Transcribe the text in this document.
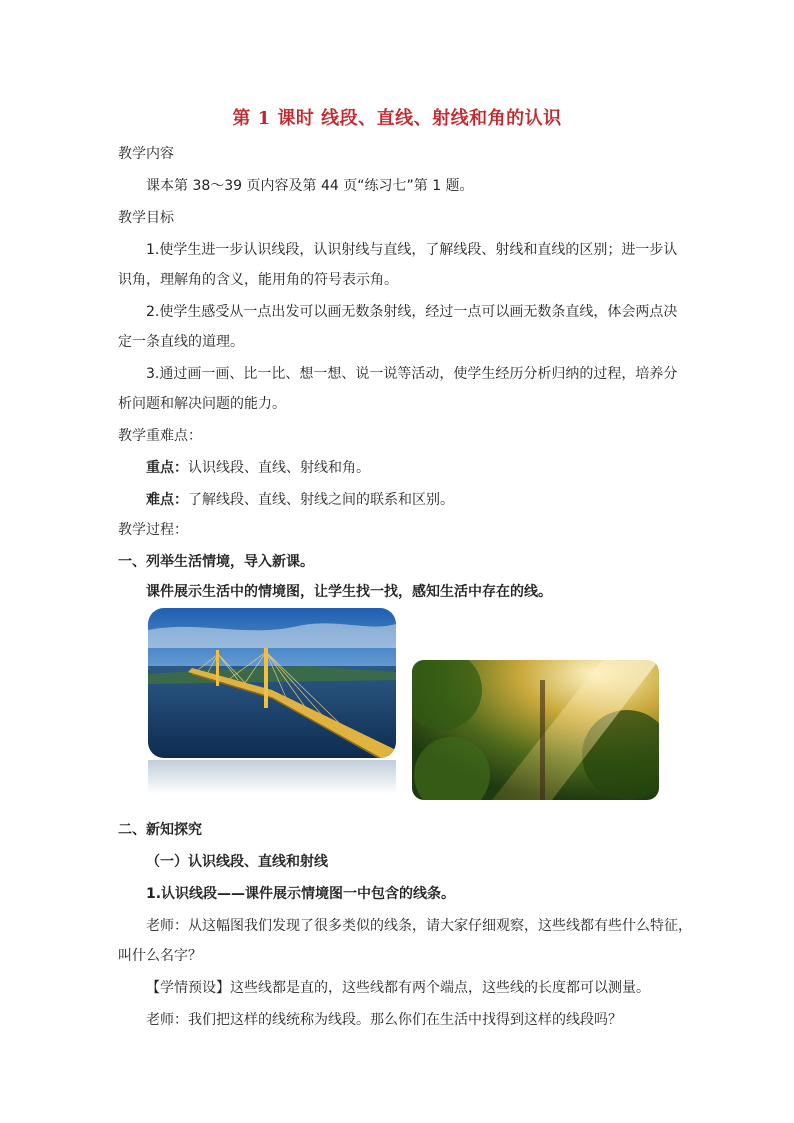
第 1 课时 线段、直线、射线和角的认识
教学内容
课本第 38～39 页内容及第 44 页“练习七”第 1 题。
教学目标
1.使学生进一步认识线段，认识射线与直线，了解线段、射线和直线的区别；进一步认
识角，理解角的含义，能用角的符号表示角。
2.使学生感受从一点出发可以画无数条射线，经过一点可以画无数条直线，体会两点决
定一条直线的道理。
3.通过画一画、比一比、想一想、说一说等活动，使学生经历分析归纳的过程，培养分
析问题和解决问题的能力。
教学重难点：
重点：认识线段、直线、射线和角。
难点：了解线段、直线、射线之间的联系和区别。
教学过程：
一、列举生活情境，导入新课。
课件展示生活中的情境图，让学生找一找，感知生活中存在的线。
二、新知探究
（一）认识线段、直线和射线
1.认识线段——课件展示情境图一中包含的线条。
老师：从这幅图我们发现了很多类似的线条，请大家仔细观察，这些线都有些什么特征，
叫什么名字？
【学情预设】这些线都是直的，这些线都有两个端点，这些线的长度都可以测量。
老师：我们把这样的线统称为线段。那么你们在生活中找得到这样的线段吗？
